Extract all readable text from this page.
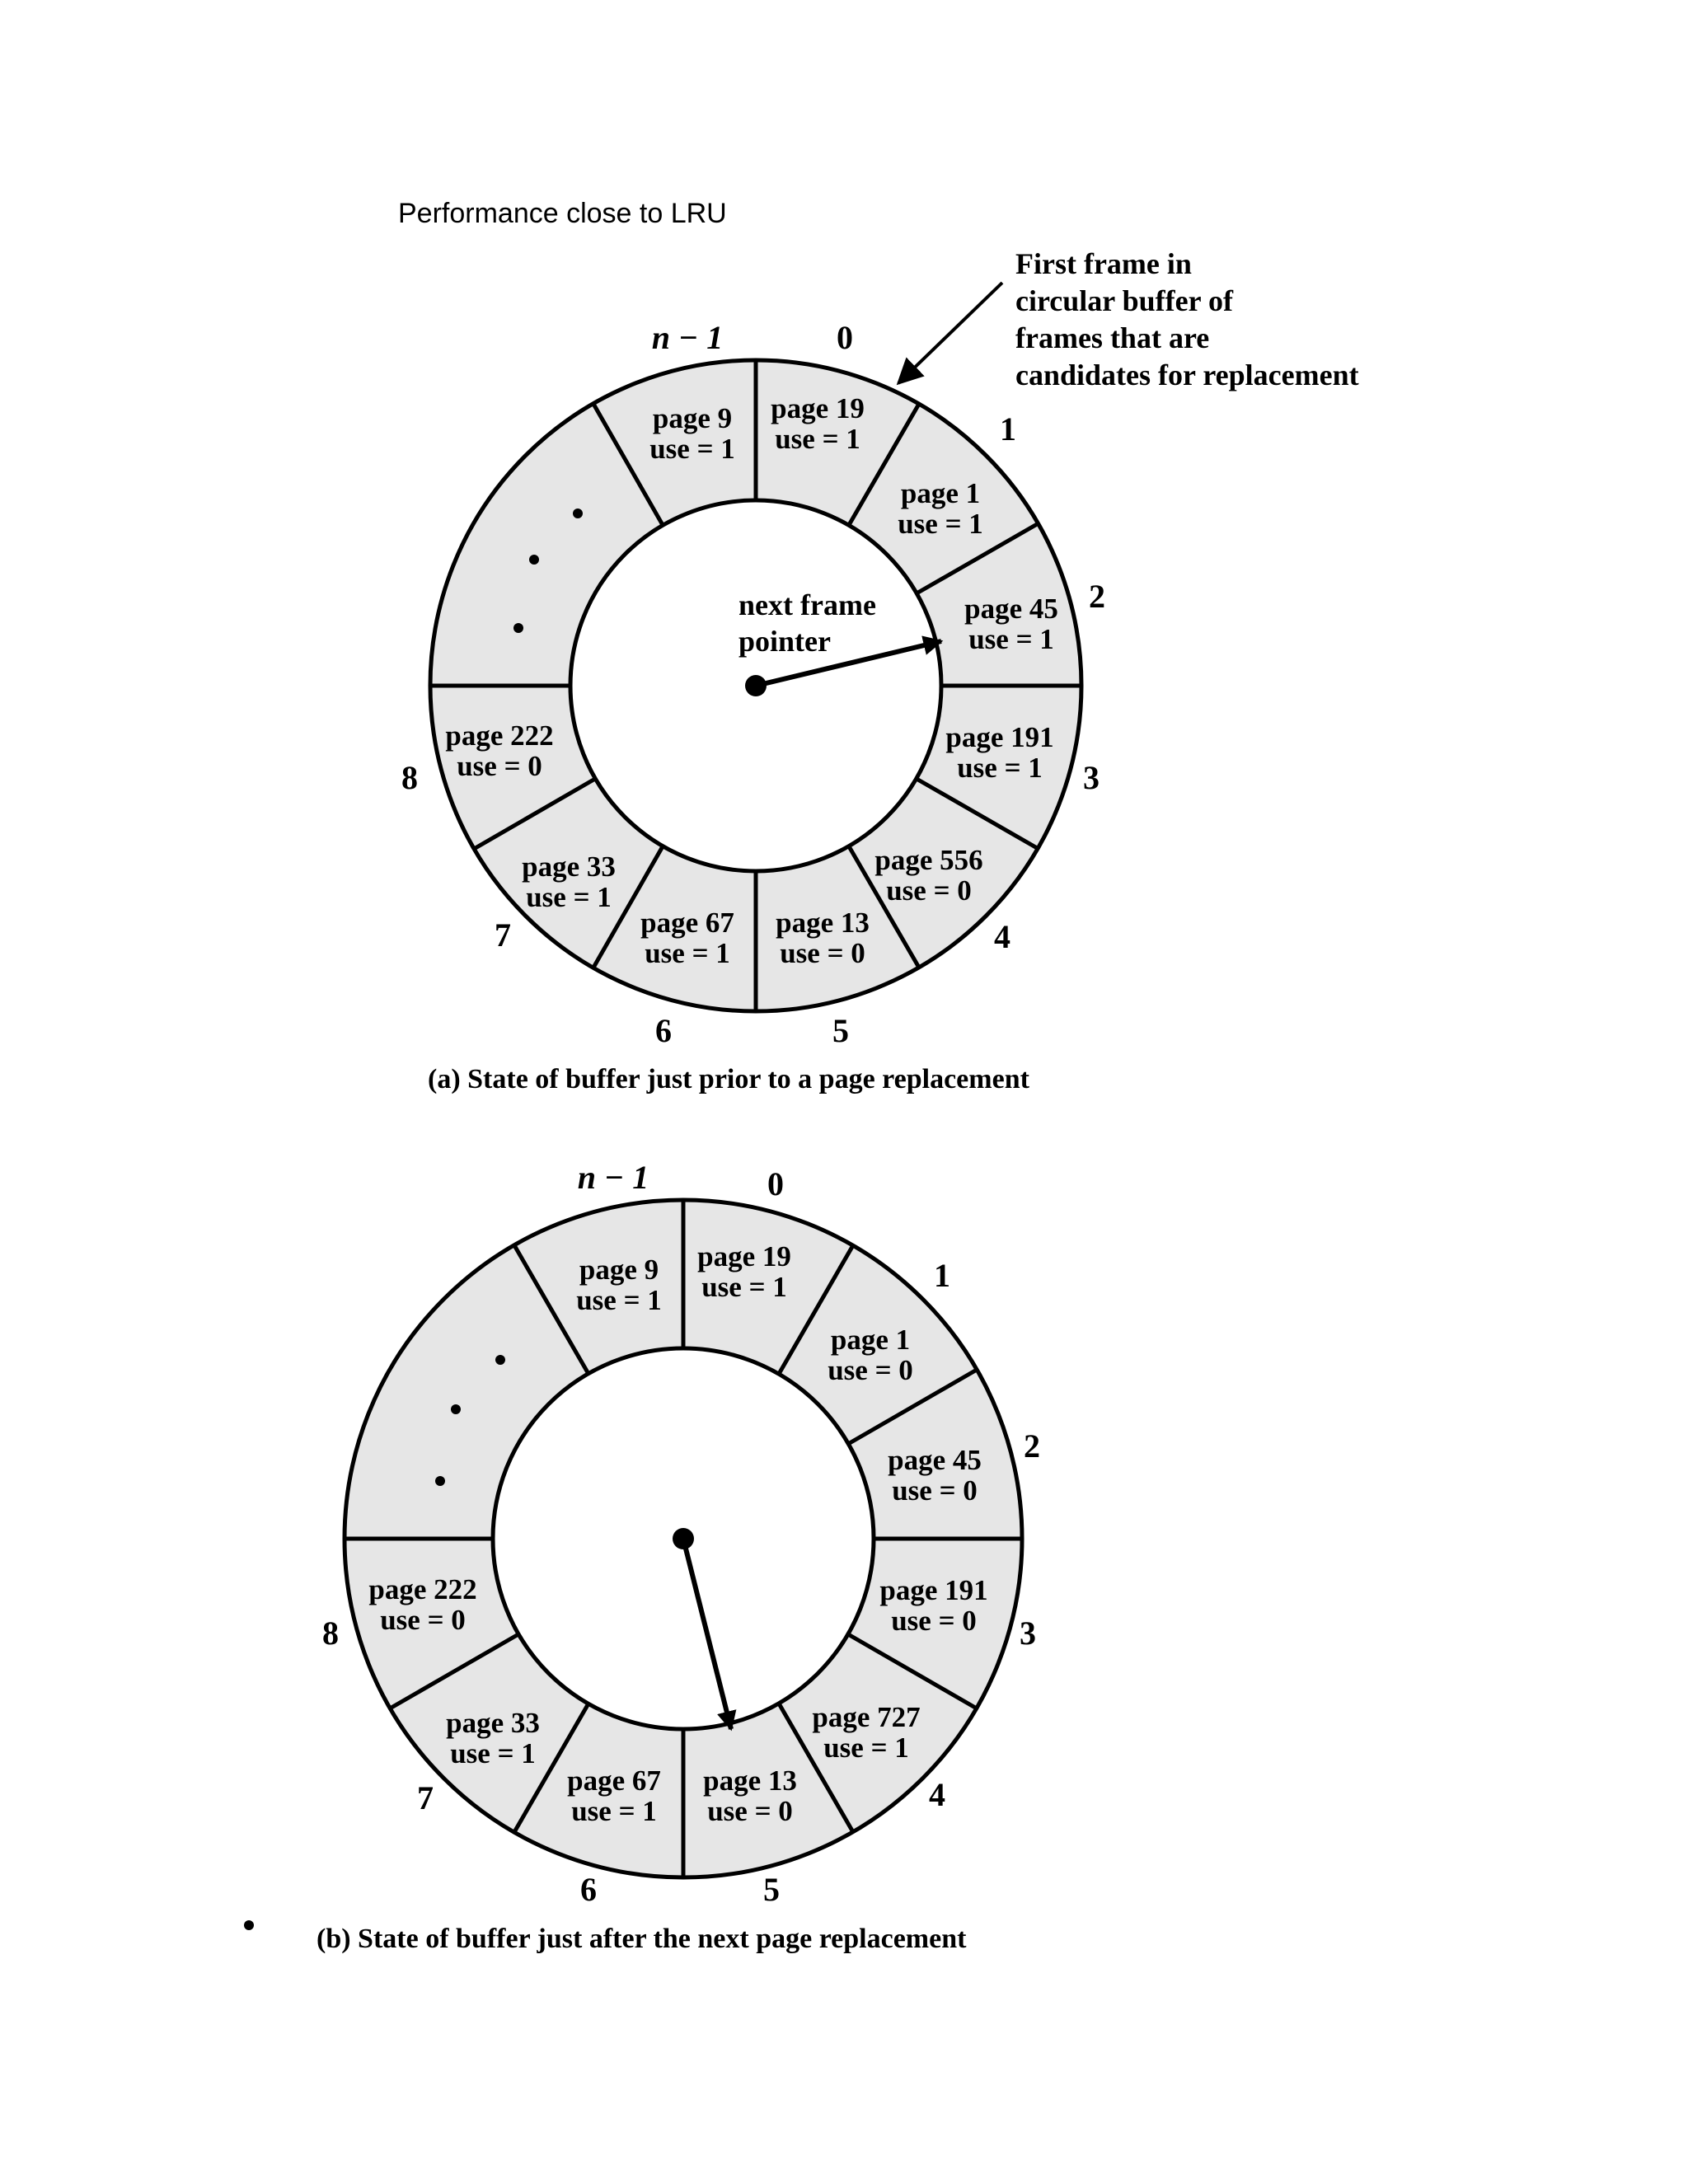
Performance close to LRU
page 9
use = 1
page 19
use = 1
page 1
use = 1
page 45
use = 1
page 191
use = 1
page 556
use = 0
page 13
use = 0
page 67
use = 1
page 33
use = 1
page 222
use = 0
n − 1	0
1
2
3
4
5
6
7
8
next frame
pointer
First frame in
circular buffer of
frames that are
candidates for replacement
(a) State of buffer just prior to a page replacement
page 9
use = 1
page 19
use = 1
page 1
use = 0
page 45
use = 0
page 191
use = 0
page 727
use = 1
page 13
use = 0
page 67
use = 1
page 33
use = 1
page 222
use = 0
n − 1	0
1
2
3
4
5
6
7
8
(b) State of buffer just after the next page replacement
